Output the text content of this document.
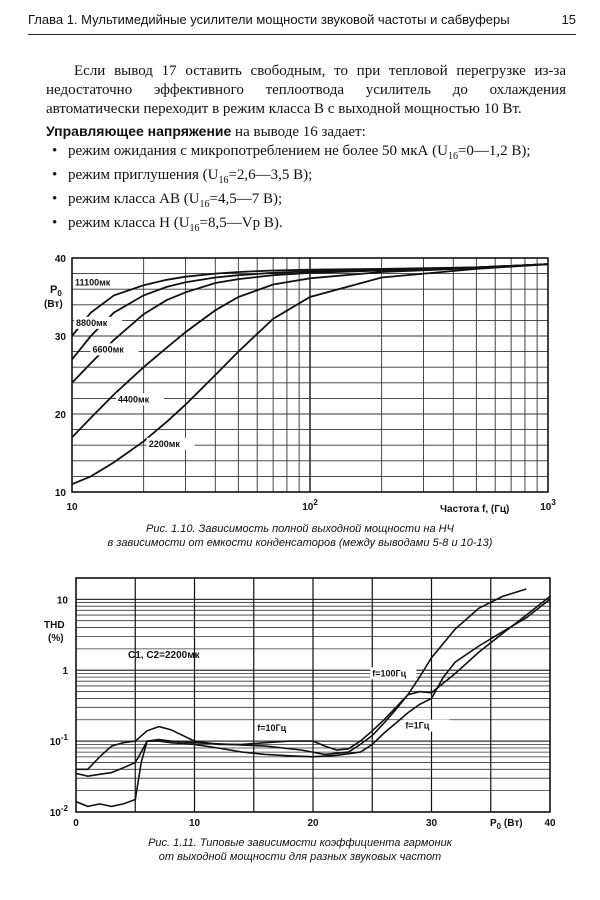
Глава 1. Мультимедийные усилители мощности звуковой частоты и сабвуферы	15

Если вывод 17 оставить свободным, то при тепловой перегрузке из-за недостаточно эффективного теплоотвода усилитель до охлаждения автоматически переходит в режим класса В с выходной мощностью 10 Вт.

Управляющее напряжение на выводе 16 задает:

• режим ожидания с микропотреблением не более 50 мкА ($U_{16}=0—1,2$ В);
• режим приглушения ($U_{16}=2,6—3,5$ В);
• режим класса АВ ($U_{16}=4,5—7$ В);
• режим класса Н ($U_{16}=8,5—Vp$ В).
10
20
30
40
10	$10^2$	$10^3$
11100мк
8800мк
6600мк
4400мк
2200мк
$P_0$
(Вт)
Частота f, (Гц)
Рис. 1.10. Зависимость полной выходной мощности на НЧ
в зависимости от емкости конденсаторов (между выводами 5-8 и 10-13)
$10^{-2}$
$10^{-1}$
1
10
0	10	20	30	40
f=100Гц
f=10Гц	f=1Гц
THD
(%)
C1, C2=2200мк
$P_0$ (Вт)
Рис. 1.11. Типовые зависимости коэффициента гармоник
от выходной мощности для разных звуковых частот
